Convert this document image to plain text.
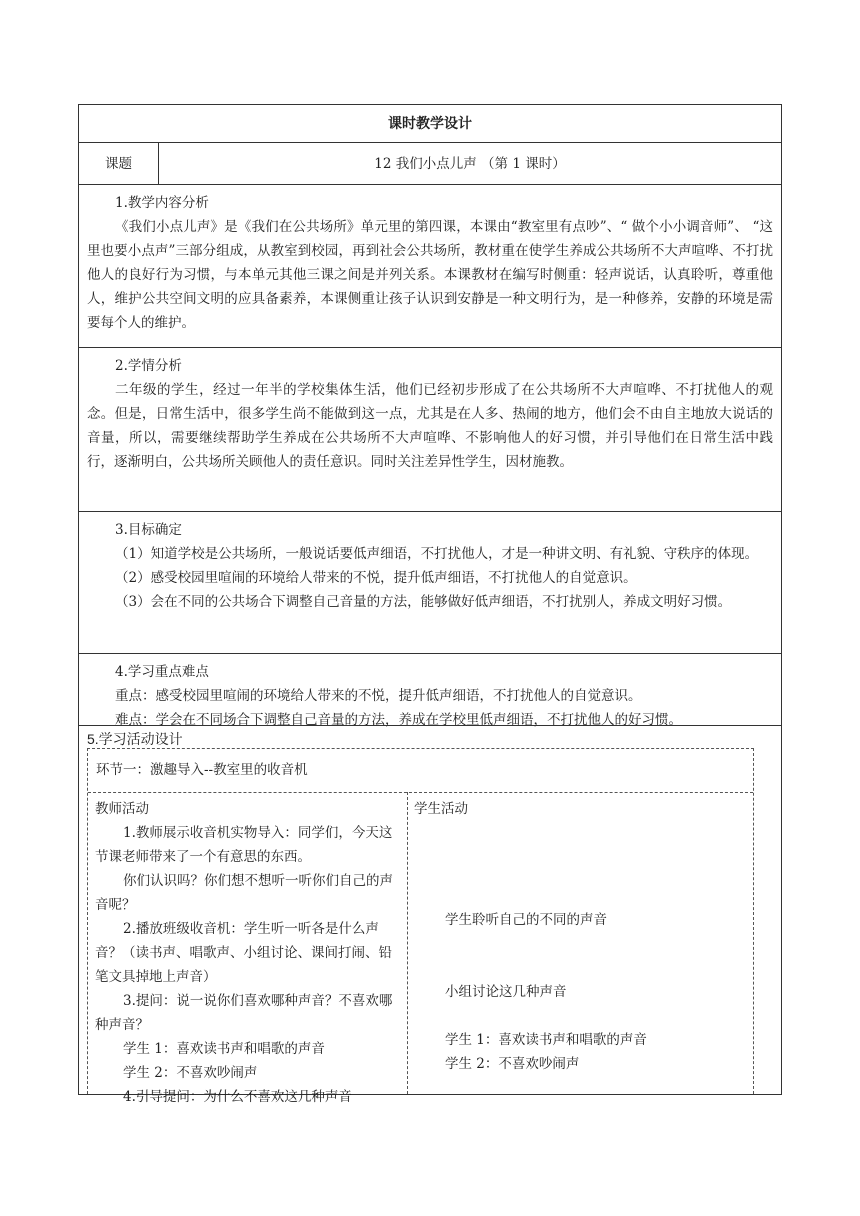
课时教学设计
课题	12 我们小点儿声 （第 1 课时）
1.教学内容分析

《我们小点儿声》是《我们在公共场所》单元里的第四课，本课由“教室里有点吵”、“ 做个小小调音师”、 “这里也要小点声”三部分组成，从教室到校园，再到社会公共场所，教材重在使学生养成公共场所不大声喧哗、不打扰他人的良好行为习惯，与本单元其他三课之间是并列关系。本课教材在编写时侧重：轻声说话，认真聆听，尊重他人，维护公共空间文明的应具备素养，本课侧重让孩子认识到安静是一种文明行为，是一种修养，安静的环境是需要每个人的维护。

2.学情分析

二年级的学生，经过一年半的学校集体生活，他们已经初步形成了在公共场所不大声喧哗、不打扰他人的观念。但是，日常生活中，很多学生尚不能做到这一点，尤其是在人多、热闹的地方，他们会不由自主地放大说话的音量，所以，需要继续帮助学生养成在公共场所不大声喧哗、不影响他人的好习惯，并引导他们在日常生活中践行，逐渐明白，公共场所关顾他人的责任意识。同时关注差异性学生，因材施教。

3.目标确定

（1）知道学校是公共场所，一般说话要低声细语，不打扰他人，才是一种讲文明、有礼貌、守秩序的体现。

（2）感受校园里喧闹的环境给人带来的不悦，提升低声细语，不打扰他人的自觉意识。

（3）会在不同的公共场合下调整自己音量的方法，能够做好低声细语，不打扰别人，养成文明好习惯。

4.学习重点难点

重点：感受校园里喧闹的环境给人带来的不悦，提升低声细语，不打扰他人的自觉意识。

难点：学会在不同场合下调整自己音量的方法，养成在学校里低声细语，不打扰他人的好习惯。

5.学习活动设计
环节一：激趣导入--教室里的收音机
教师活动

1.教师展示收音机实物导入：同学们，今天这节课老师带来了一个有意思的东西。

你们认识吗？你们想不想听一听你们自己的声音呢？

2.播放班级收音机：学生听一听各是什么声音？（读书声、唱歌声、小组讨论、课间打闹、铅笔文具掉地上声音）

3.提问：说一说你们喜欢哪种声音？不喜欢哪种声音？

学生 1：喜欢读书声和唱歌的声音

学生 2：不喜欢吵闹声

4.引导提问：为什么不喜欢这几种声音

学生活动
学生聆听自己的不同的声音
小组讨论这几种声音
学生 1：喜欢读书声和唱歌的声音
学生 2：不喜欢吵闹声
